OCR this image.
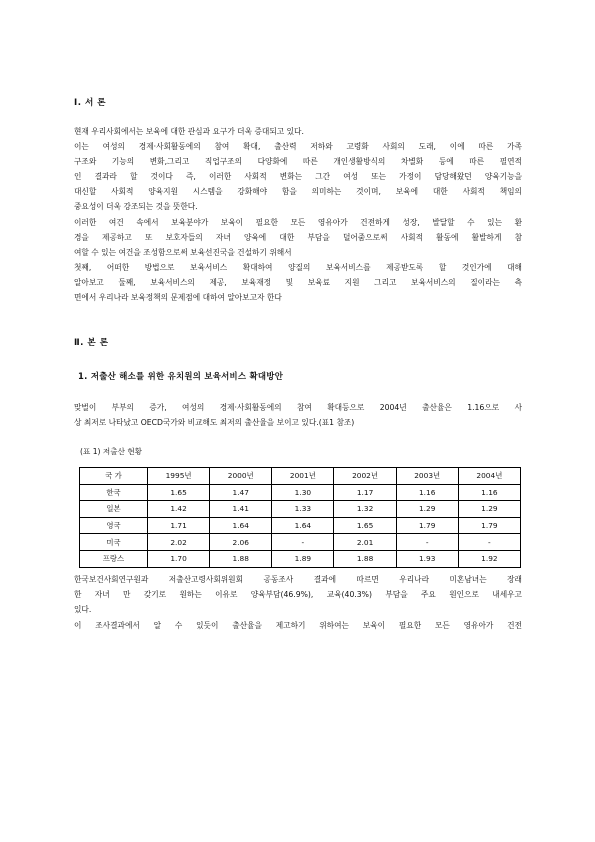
Ⅰ. 서 론

현재 우리사회에서는 보육에 대한 관심과 요구가 더욱 증대되고 있다.
이는 여성의 경제·사회활동에의 참여 확대, 출산력 저하와 고령화 사회의 도래, 이에 따른 가족
구조와 기능의 변화,그리고 직업구조의 다양화에 따른 개인생활방식의 차별화 등에 따른 필연적
인 결과라 할 것이다 즉, 이러한 사회적 변화는 그간 여성 또는 가정이 담당해왔던 양육기능을
대신할 사회적 양육지원 시스템을 강화해야 함을 의미하는 것이며, 보육에 대한 사회적 책임의
중요성이 더욱 강조되는 것을 뜻한다.

이러한 여건 속에서 보육분야가 보육이 필요한 모든 영유아가 건전하게 성장, 발달할 수 있는 환
경을 제공하고 또 보호자들의 자녀 양육에 대한 부담을 덜어줌으로써 사회적 활동에 활발하게 참
여할 수 있는 여건을 조성함으로써 보육선진국을 건설하기 위해서
첫째, 어떠한 방법으로 보육서비스 확대하여 양질의 보육서비스를 제공받도록 할 것인가에 대해
알아보고 둘째, 보육서비스의 제공, 보육재정 및 보육료 지원 그리고 보육서비스의 질이라는 측
면에서 우리나라 보육정책의 문제점에 대하여 알아보고자 한다

Ⅱ. 본 론
1. 저출산 해소를 위한 유치원의 보육서비스 확대방안

맞벌이 부부의 증가, 여성의 경제·사회활동에의 참여 확대등으로 2004년 출산율은 1.16으로 사
상 최저로 나타났고 OECD국가와 비교해도 최저의 출산율을 보이고 있다.(표1 참조)

(표 1) 저출산 현황
국 가	1995년	2000년	2001년	2002년	2003년	2004년
한국	1.65	1.47	1.30	1.17	1.16	1.16
일본	1.42	1.41	1.33	1.32	1.29	1.29
영국	1.71	1.64	1.64	1.65	1.79	1.79
미국	2.02	2.06	-	2.01	-	-
프랑스	1.70	1.88	1.89	1.88	1.93	1.92

한국보건사회연구원과 저출산고령사회위원회 공동조사 결과에 따르면 우리나라 미혼남녀는 장래
한 자녀 만 갖기로 원하는 이유로 양육부담(46.9%), 교육(40.3%) 부담을 주요 원인으로 내세우고
있다.

이 조사결과에서 알 수 있듯이 출산율을 제고하기 위하여는 보육이 필요한 모든 영유아가 건전
